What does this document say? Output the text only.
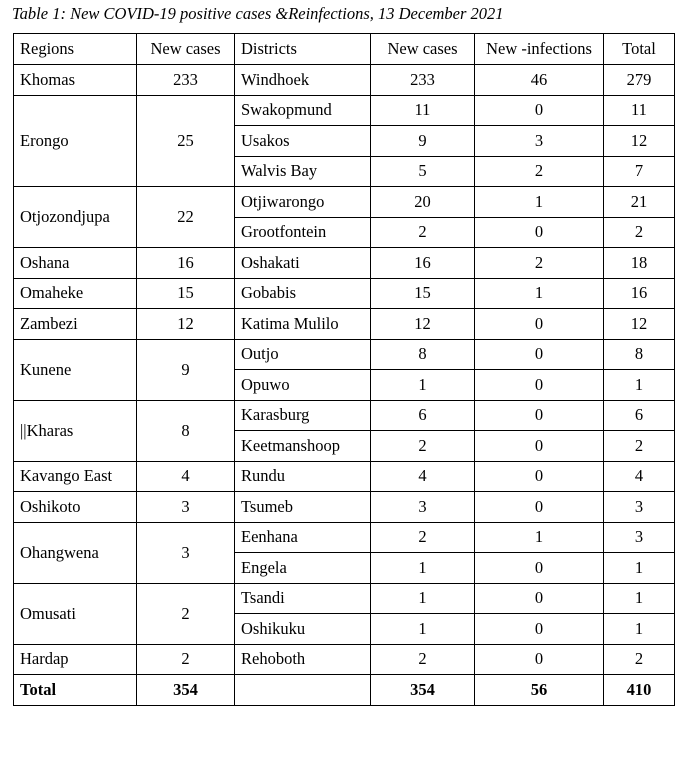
Table 1: New COVID-19 positive cases &Reinfections, 13 December 2021
Regions	New cases	Districts	New cases	New -infections	Total
Khomas	233	Windhoek	233	46	279
Erongo	25	Swakopmund	11	0	11
		Usakos	9	3	12
		Walvis Bay	5	2	7
Otjozondjupa	22	Otjiwarongo	20	1	21
		Grootfontein	2	0	2
Oshana	16	Oshakati	16	2	18
Omaheke	15	Gobabis	15	1	16
Zambezi	12	Katima Mulilo	12	0	12
Kunene	9	Outjo	8	0	8
		Opuwo	1	0	1
||Kharas	8	Karasburg	6	0	6
		Keetmanshoop	2	0	2
Kavango East	4	Rundu	4	0	4
Oshikoto	3	Tsumeb	3	0	3
Ohangwena	3	Eenhana	2	1	3
		Engela	1	0	1
Omusati	2	Tsandi	1	0	1
		Oshikuku	1	0	1
Hardap	2	Rehoboth	2	0	2
Total	354		354	56	410
